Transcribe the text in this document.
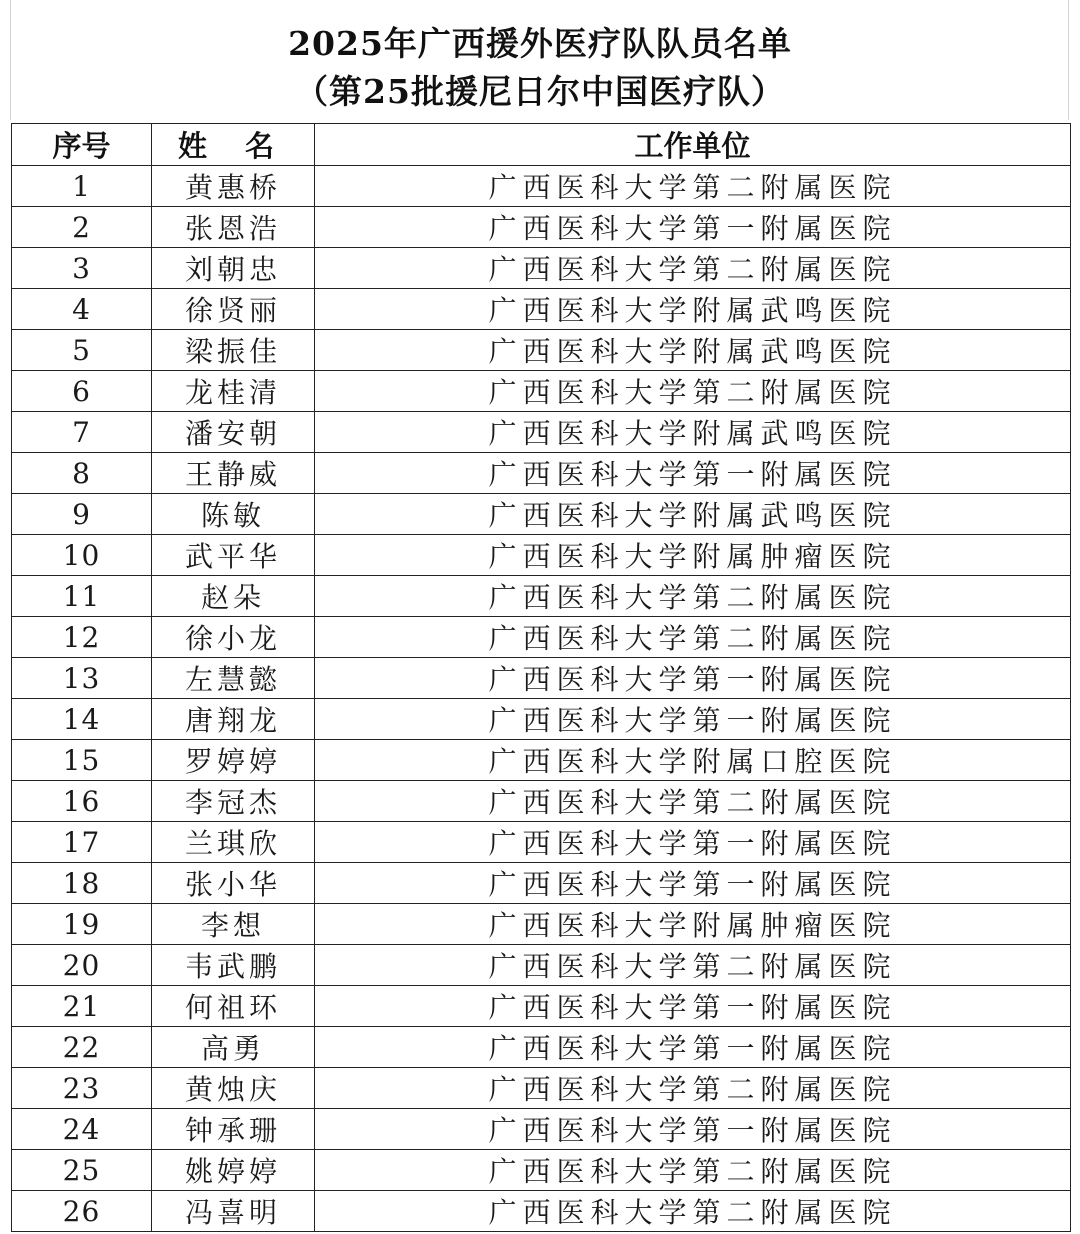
2025年广西援外医疗队队员名单
（第25批援尼日尔中国医疗队）
序号	姓 名	工作单位
1	黄惠桥	广西医科大学第二附属医院
2	张恩浩	广西医科大学第一附属医院
3	刘朝忠	广西医科大学第二附属医院
4	徐贤丽	广西医科大学附属武鸣医院
5	梁振佳	广西医科大学附属武鸣医院
6	龙桂清	广西医科大学第二附属医院
7	潘安朝	广西医科大学附属武鸣医院
8	王静威	广西医科大学第一附属医院
9	陈敏	广西医科大学附属武鸣医院
10	武平华	广西医科大学附属肿瘤医院
11	赵朵	广西医科大学第二附属医院
12	徐小龙	广西医科大学第二附属医院
13	左慧懿	广西医科大学第一附属医院
14	唐翔龙	广西医科大学第一附属医院
15	罗婷婷	广西医科大学附属口腔医院
16	李冠杰	广西医科大学第二附属医院
17	兰琪欣	广西医科大学第一附属医院
18	张小华	广西医科大学第一附属医院
19	李想	广西医科大学附属肿瘤医院
20	韦武鹏	广西医科大学第二附属医院
21	何祖环	广西医科大学第一附属医院
22	高勇	广西医科大学第一附属医院
23	黄烛庆	广西医科大学第二附属医院
24	钟承珊	广西医科大学第一附属医院
25	姚婷婷	广西医科大学第二附属医院
26	冯喜明	广西医科大学第二附属医院
